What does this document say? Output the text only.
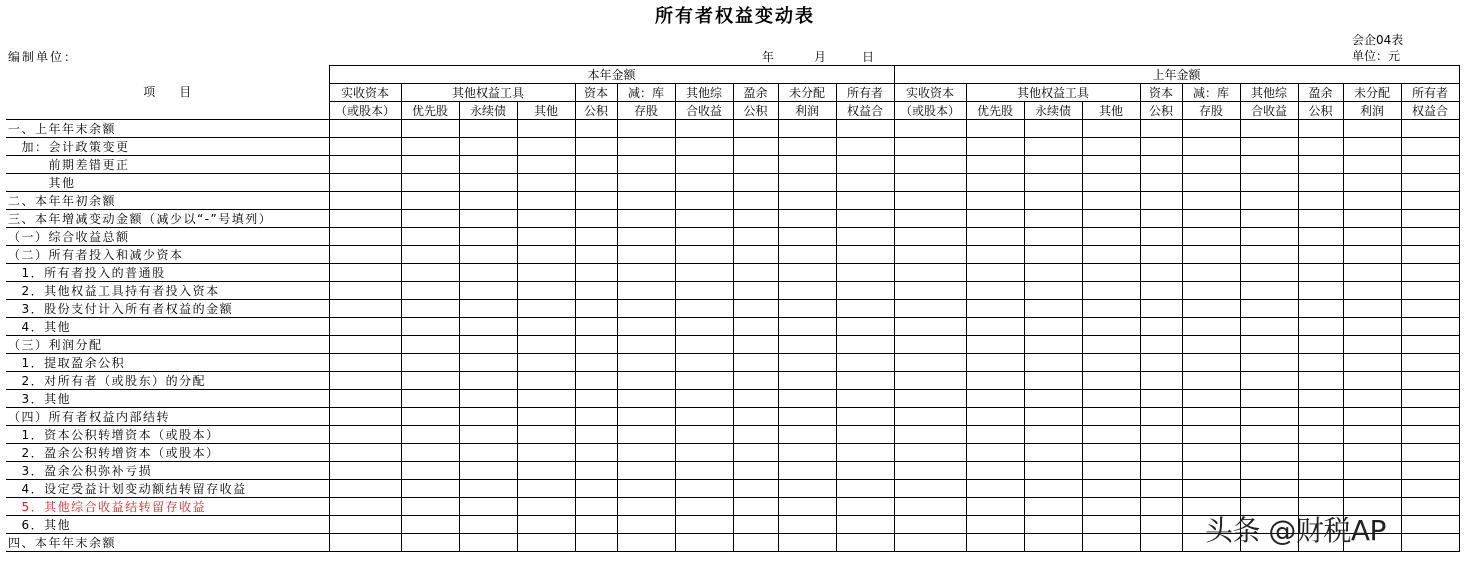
所有者权益变动表
会企04表
单位：元
编制单位：	年	月	日
项　　目	本年金额										上年金额									
	实收资本	其他权益工具			资本	减：库	其他综	盈余	未分配	所有者	实收资本	其他权益工具			资本	减：库	其他综	盈余	未分配	所有者
	（或股本）	优先股	永续债	其他	公积	存股	合收益	公积	利润	权益合	（或股本）	优先股	永续债	其他	公积	存股	合收益	公积	利润	权益合
一、上年年末余额																				
　加：会计政策变更																				
　　　前期差错更正																				
　　　其他																				
二、本年年初余额																				
三、本年增减变动金额（减少以“-”号填列）																				
（一）综合收益总额																				
（二）所有者投入和减少资本																				
　1．所有者投入的普通股																				
　2．其他权益工具持有者投入资本																				
　3．股份支付计入所有者权益的金额																				
　4．其他																				
（三）利润分配																				
　1．提取盈余公积																				
　2．对所有者（或股东）的分配																				
　3．其他																				
（四）所有者权益内部结转																				
　1．资本公积转增资本（或股本）																				
　2．盈余公积转增资本（或股本）																				
　3．盈余公积弥补亏损																				
　4．设定受益计划变动额结转留存收益																				
　5．其他综合收益结转留存收益																				
　6．其他																				
四、本年年末余额																					头条 @财税AP
